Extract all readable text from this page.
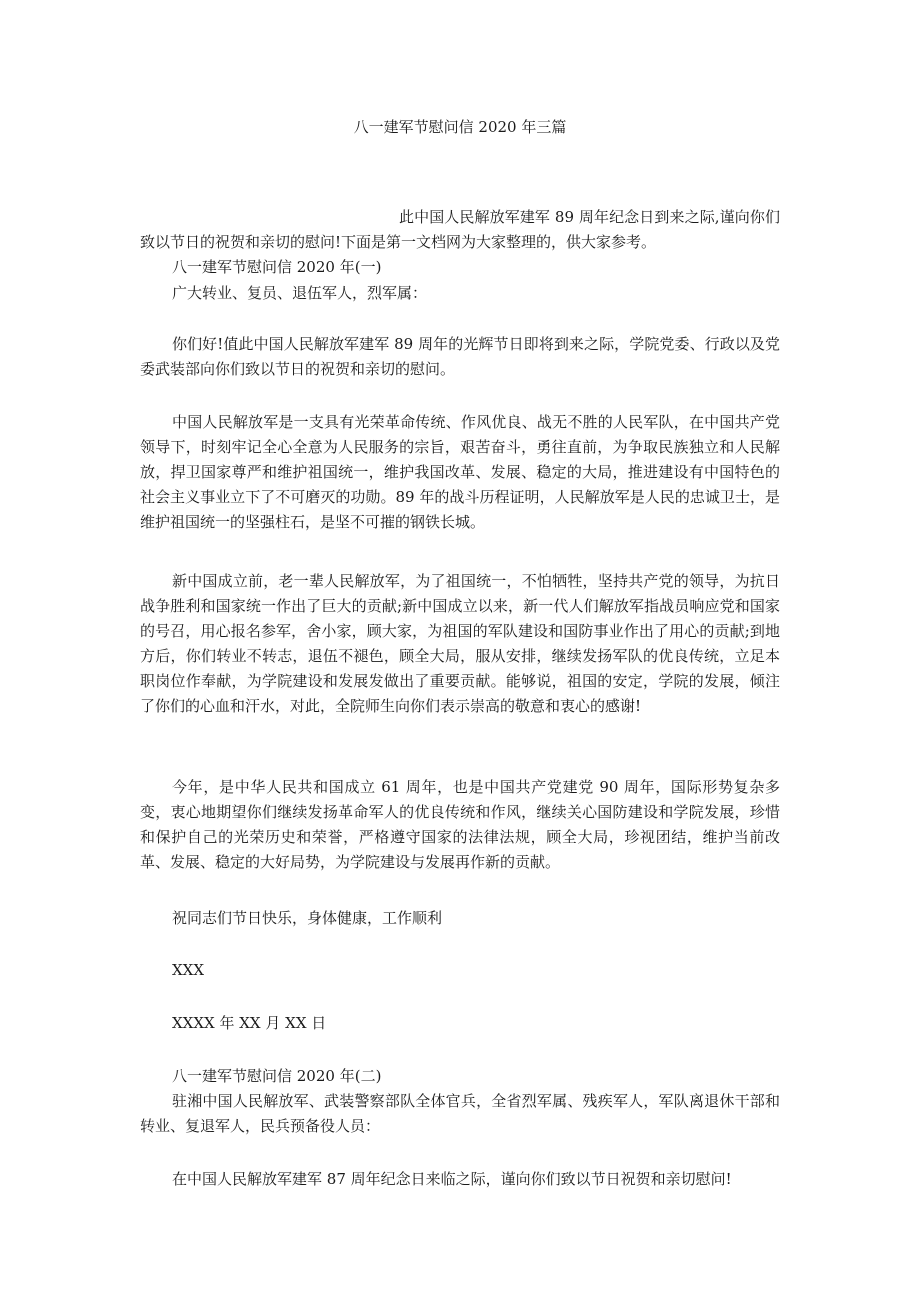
八一建军节慰问信 2020 年三篇
此中国人民解放军建军 89 周年纪念日到来之际,谨向你们致以节日的祝贺和亲切的慰问!下面是第一文档网为大家整理的，供大家参考。
八一建军节慰问信 2020 年(一)
广大转业、复员、退伍军人，烈军属：
你们好!值此中国人民解放军建军 89 周年的光辉节日即将到来之际，学院党委、行政以及党委武装部向你们致以节日的祝贺和亲切的慰问。
中国人民解放军是一支具有光荣革命传统、作风优良、战无不胜的人民军队，在中国共产党领导下，时刻牢记全心全意为人民服务的宗旨，艰苦奋斗，勇往直前，为争取民族独立和人民解放，捍卫国家尊严和维护祖国统一，维护我国改革、发展、稳定的大局，推进建设有中国特色的社会主义事业立下了不可磨灭的功勋。89 年的战斗历程证明，人民解放军是人民的忠诚卫士，是维护祖国统一的坚强柱石，是坚不可摧的钢铁长城。
新中国成立前，老一辈人民解放军，为了祖国统一，不怕牺牲，坚持共产党的领导，为抗日战争胜利和国家统一作出了巨大的贡献;新中国成立以来，新一代人们解放军指战员响应党和国家的号召，用心报名参军，舍小家，顾大家，为祖国的军队建设和国防事业作出了用心的贡献;到地方后，你们转业不转志，退伍不褪色，顾全大局，服从安排，继续发扬军队的优良传统，立足本职岗位作奉献，为学院建设和发展发做出了重要贡献。能够说，祖国的安定，学院的发展，倾注了你们的心血和汗水，对此，全院师生向你们表示崇高的敬意和衷心的感谢!
今年，是中华人民共和国成立 61 周年，也是中国共产党建党 90 周年，国际形势复杂多变，衷心地期望你们继续发扬革命军人的优良传统和作风，继续关心国防建设和学院发展，珍惜和保护自己的光荣历史和荣誉，严格遵守国家的法律法规，顾全大局，珍视团结，维护当前改革、发展、稳定的大好局势，为学院建设与发展再作新的贡献。
祝同志们节日快乐，身体健康，工作顺利
XXX
XXXX 年 XX 月 XX 日
八一建军节慰问信 2020 年(二)
驻湘中国人民解放军、武装警察部队全体官兵，全省烈军属、残疾军人，军队离退休干部和转业、复退军人，民兵预备役人员：
在中国人民解放军建军 87 周年纪念日来临之际，谨向你们致以节日祝贺和亲切慰问!
